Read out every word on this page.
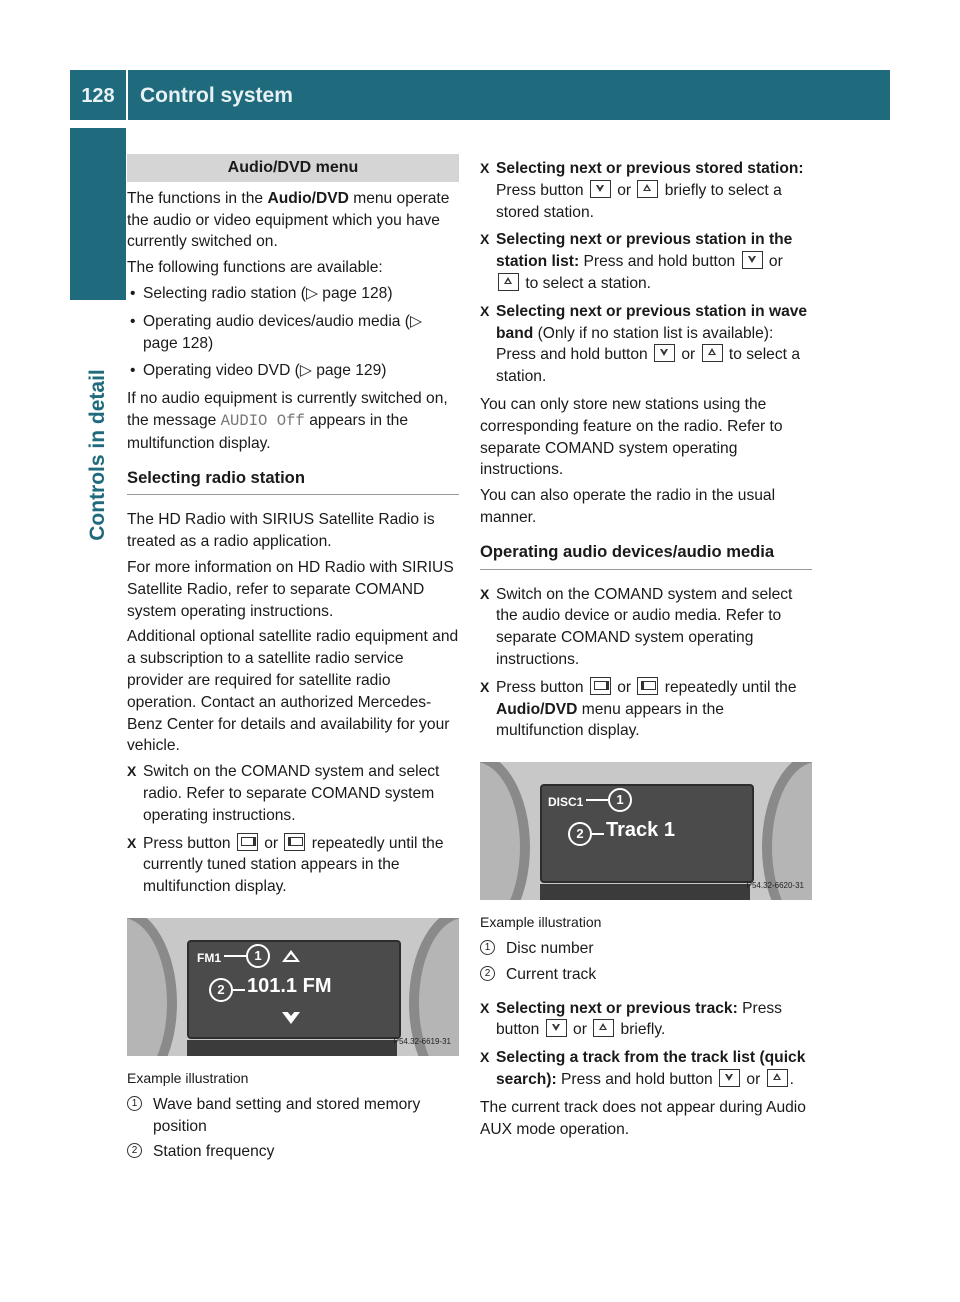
128	Control system
Controls in detail
Audio/DVD menu

The functions in the Audio/DVD menu operate the audio or video equipment which you have currently switched on.

The following functions are available:

• Selecting radio station (▷ page 128)
• Operating audio devices/audio media (▷ page 128)
• Operating video DVD (▷ page 129)

If no audio equipment is currently switched on, the message AUDIO Off appears in the multifunction display.

Selecting radio station

The HD Radio with SIRIUS Satellite Radio is treated as a radio application.

For more information on HD Radio with SIRIUS Satellite Radio, refer to separate COMAND system operating instructions.

Additional optional satellite radio equipment and a subscription to a satellite radio service provider are required for satellite radio operation. Contact an authorized Mercedes-Benz Center for details and availability for your vehicle.

X Switch on the COMAND system and select radio. Refer to separate COMAND system operating instructions.
X Press button  or  repeatedly until the currently tuned station appears in the multifunction display.
FM1	1
2	101.1 FM
P54.32-6619-31

Example illustration

1	Wave band setting and stored memory position
2	Station frequency
X Selecting next or previous stored station: Press button  or  briefly to select a stored station.
X Selecting next or previous station in the station list: Press and hold button  or  to select a station.
X Selecting next or previous station in wave band (Only if no station list is available): Press and hold button  or  to select a station.

You can only store new stations using the corresponding feature on the radio. Refer to separate COMAND system operating instructions.

You can also operate the radio in the usual manner.

Operating audio devices/audio media
X Switch on the COMAND system and select the audio device or audio media. Refer to separate COMAND system operating instructions.
X Press button  or  repeatedly until the Audio/DVD menu appears in the multifunction display.
DISC1	1
2	Track 1
P54.32-6620-31

Example illustration

1	Disc number
2	Current track
X Selecting next or previous track: Press button  or  briefly.
X Selecting a track from the track list (quick search): Press and hold button  or .

The current track does not appear during Audio AUX mode operation.
